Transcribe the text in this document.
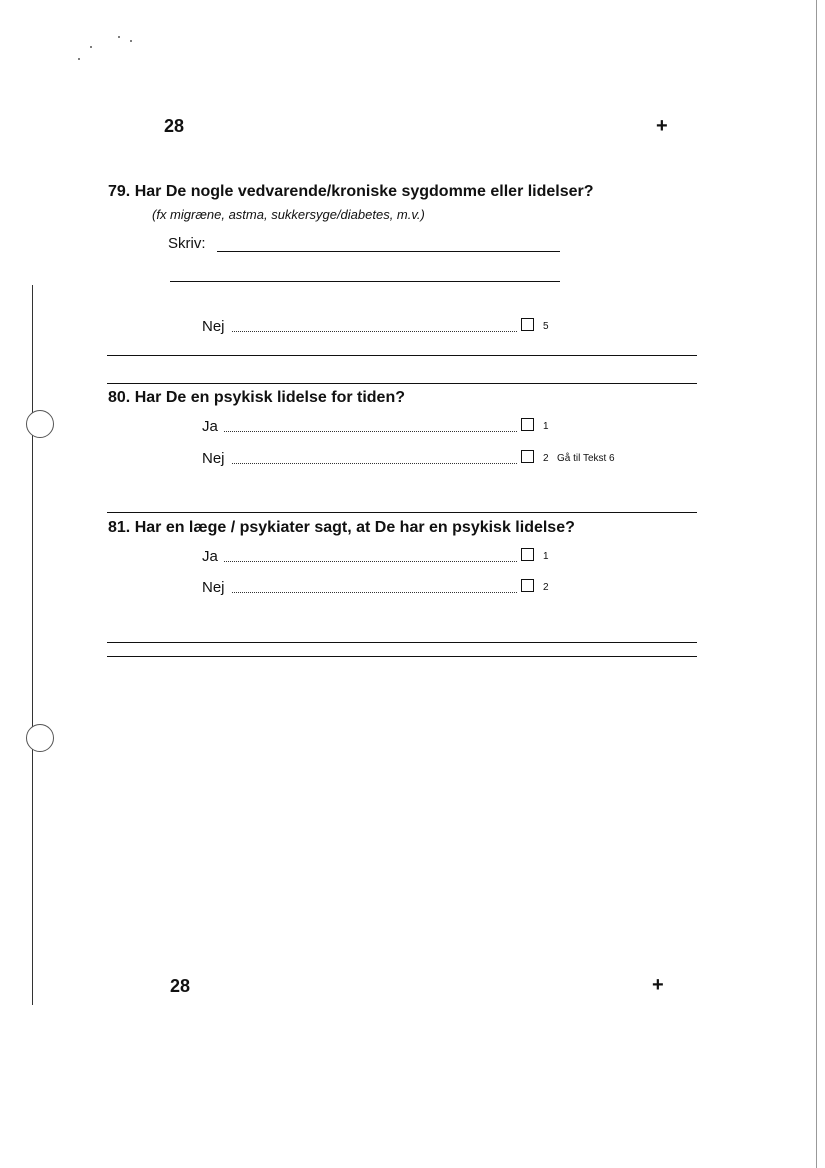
28	+
79. Har De nogle vedvarende/kroniske sygdomme eller lidelser?
(fx migræne, astma, sukkersyge/diabetes, m.v.)
Skriv:
Nej	5
80. Har De en psykisk lidelse for tiden?
Ja	1
Nej	2 Gå til Tekst 6
81. Har en læge / psykiater sagt, at De har en psykisk lidelse?
Ja	1
Nej	2
28	+
